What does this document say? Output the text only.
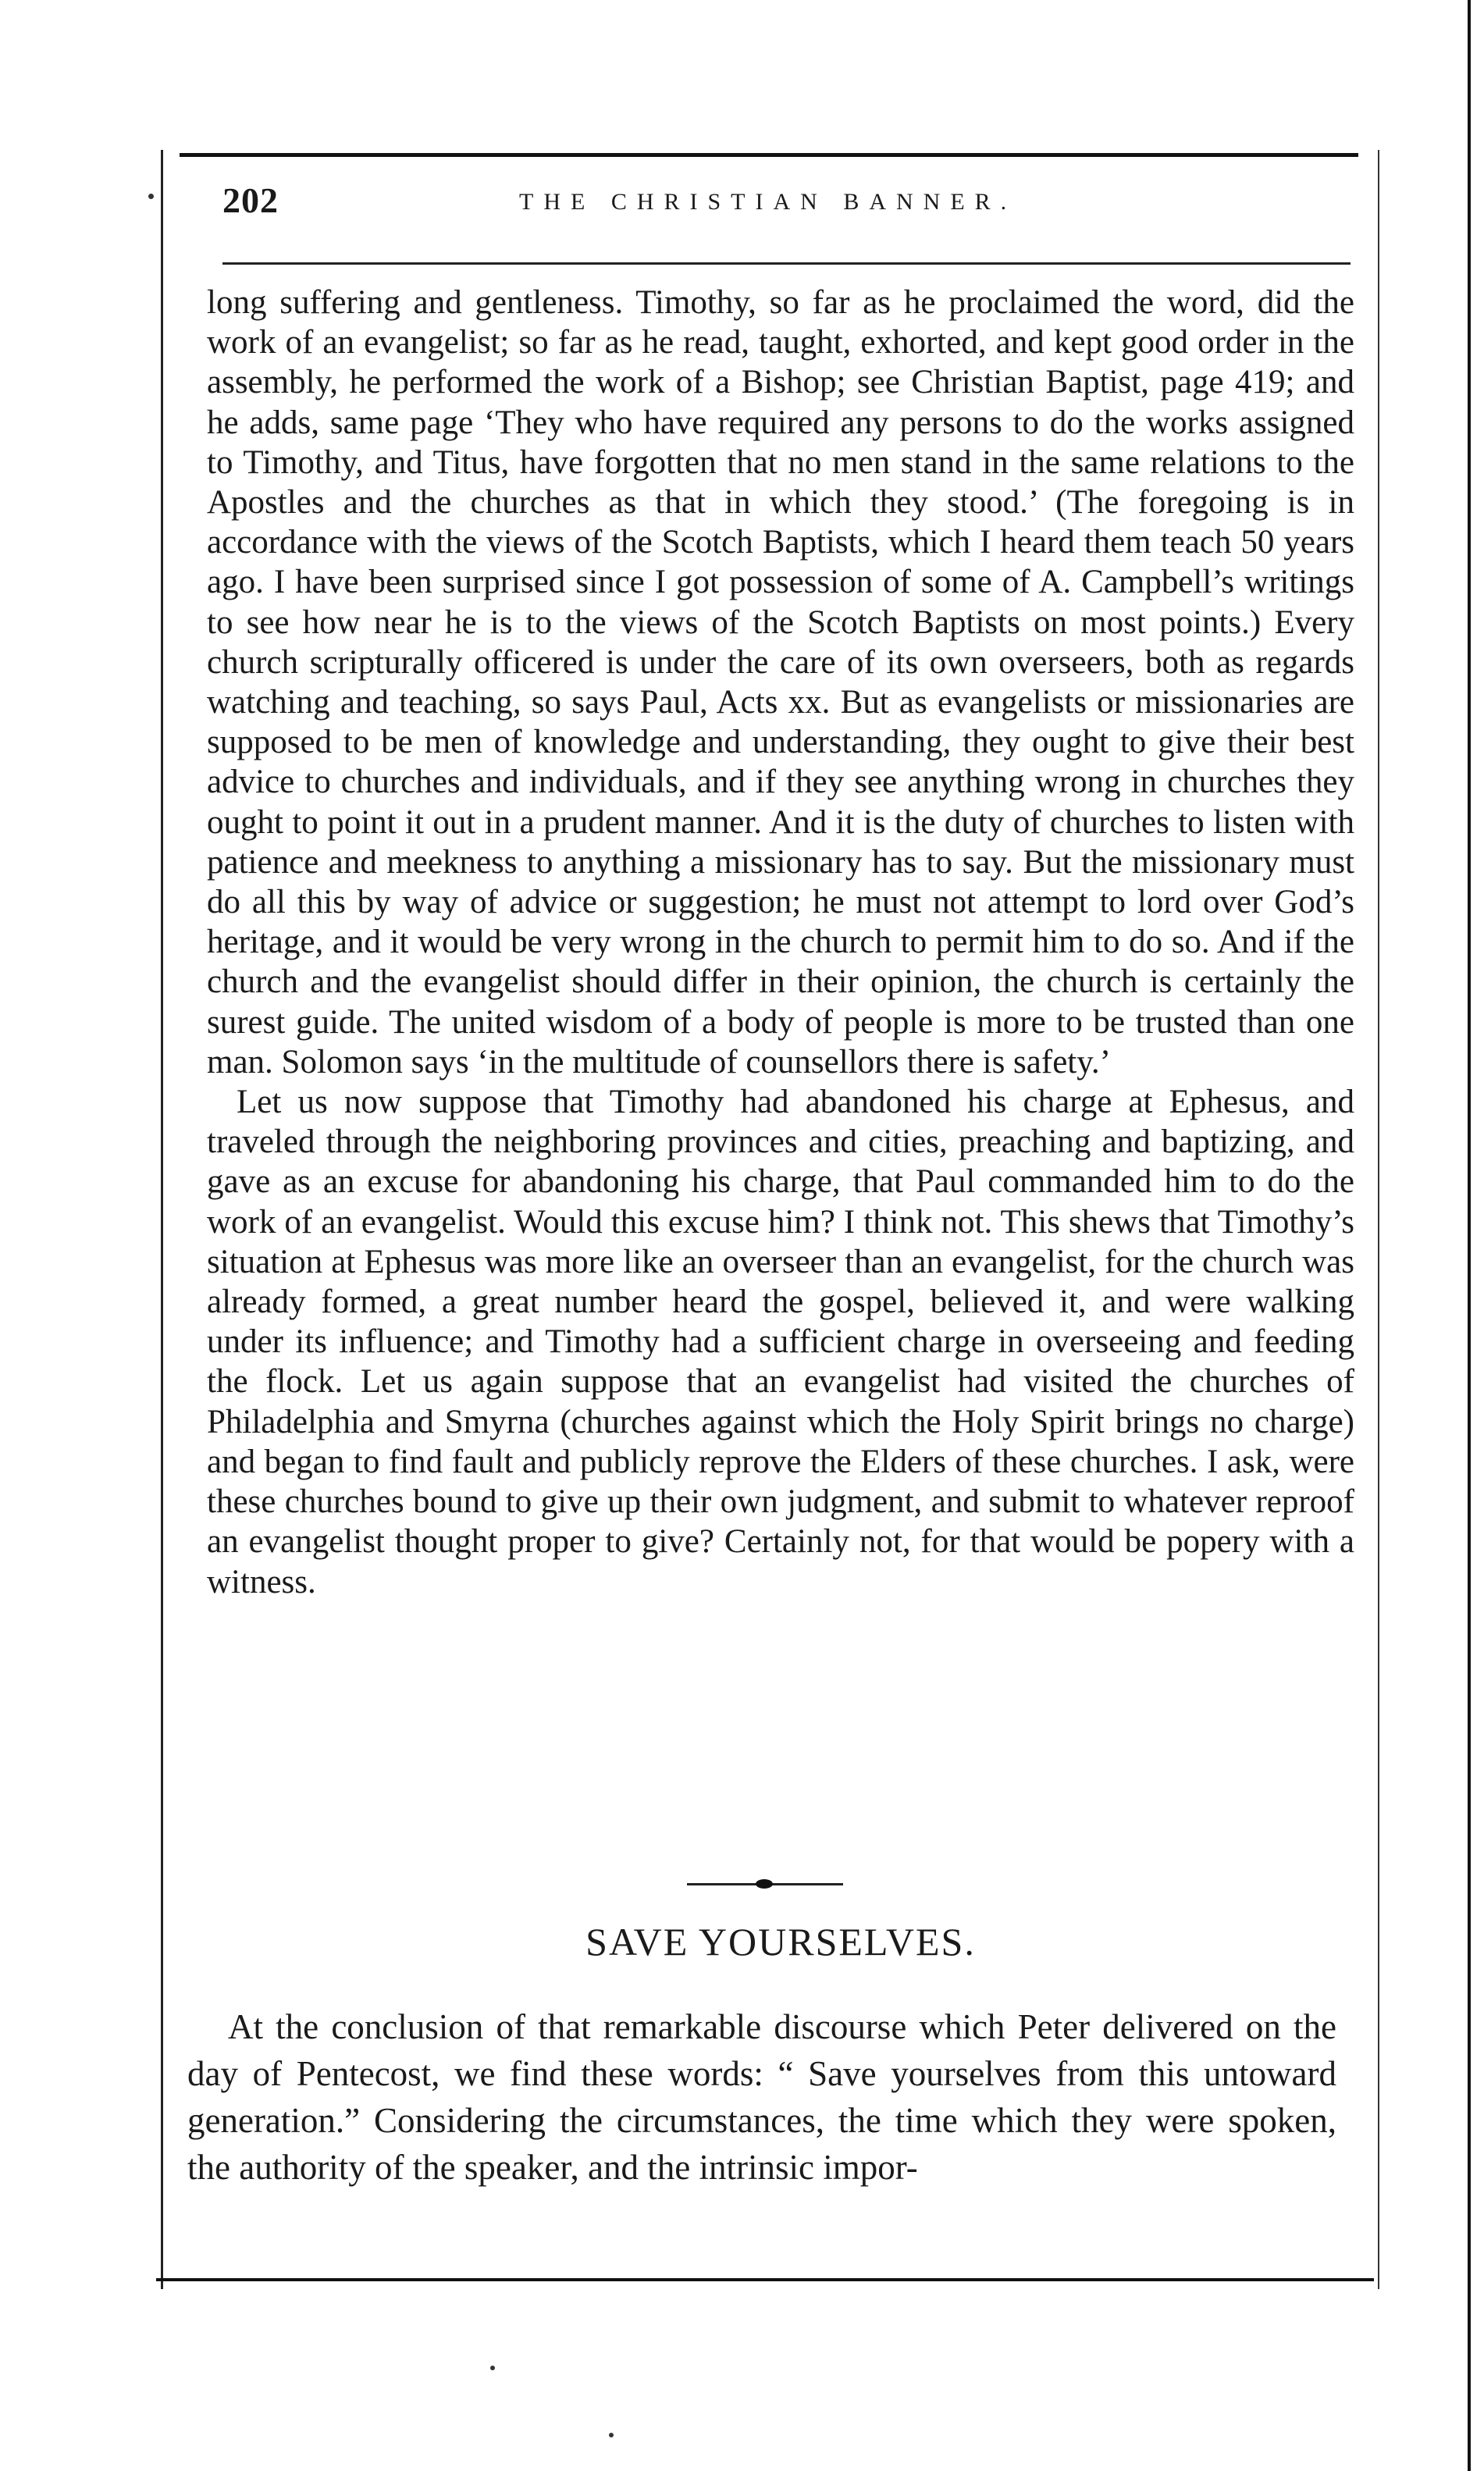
202	THE CHRISTIAN BANNER.

long suffering and gentleness. Timothy, so far as he proclaimed the word, did the work of an evangelist; so far as he read, taught, exhorted, and kept good order in the assembly, he performed the work of a Bishop; see Christian Baptist, page 419; and he adds, same page ‘They who have required any persons to do the works assigned to Timothy, and Titus, have forgotten that no men stand in the same relations to the Apostles and the churches as that in which they stood.’ (The foregoing is in accordance with the views of the Scotch Baptists, which I heard them teach 50 years ago. I have been surprised since I got possession of some of A. Campbell’s writings to see how near he is to the views of the Scotch Baptists on most points.) Every church scripturally officered is under the care of its own overseers, both as regards watching and teaching, so says Paul, Acts xx. But as evangelists or missionaries are supposed to be men of knowledge and understanding, they ought to give their best advice to churches and individuals, and if they see anything wrong in churches they ought to point it out in a prudent manner. And it is the duty of churches to listen with patience and meekness to anything a missionary has to say. But the missionary must do all this by way of advice or suggestion; he must not attempt to lord over God’s heritage, and it would be very wrong in the church to permit him to do so. And if the church and the evangelist should differ in their opinion, the church is certainly the surest guide. The united wisdom of a body of people is more to be trusted than one man. Solomon says ‘in the multitude of counsellors there is safety.’

Let us now suppose that Timothy had abandoned his charge at Ephesus, and traveled through the neighboring provinces and cities, preaching and baptizing, and gave as an excuse for abandoning his charge, that Paul commanded him to do the work of an evangelist. Would this excuse him? I think not. This shews that Timothy’s situation at Ephesus was more like an overseer than an evangelist, for the church was already formed, a great number heard the gospel, believed it, and were walking under its influence; and Timothy had a sufficient charge in overseeing and feeding the flock. Let us again suppose that an evangelist had visited the churches of Philadelphia and Smyrna (churches against which the Holy Spirit brings no charge) and began to find fault and publicly reprove the Elders of these churches. I ask, were these churches bound to give up their own judgment, and submit to whatever reproof an evangelist thought proper to give? Certainly not, for that would be popery with a witness.

SAVE YOURSELVES.

At the conclusion of that remarkable discourse which Peter delivered on the day of Pentecost, we find these words: “ Save yourselves from this untoward generation.” Considering the circumstances, the time which they were spoken, the authority of the speaker, and the intrinsic impor-
